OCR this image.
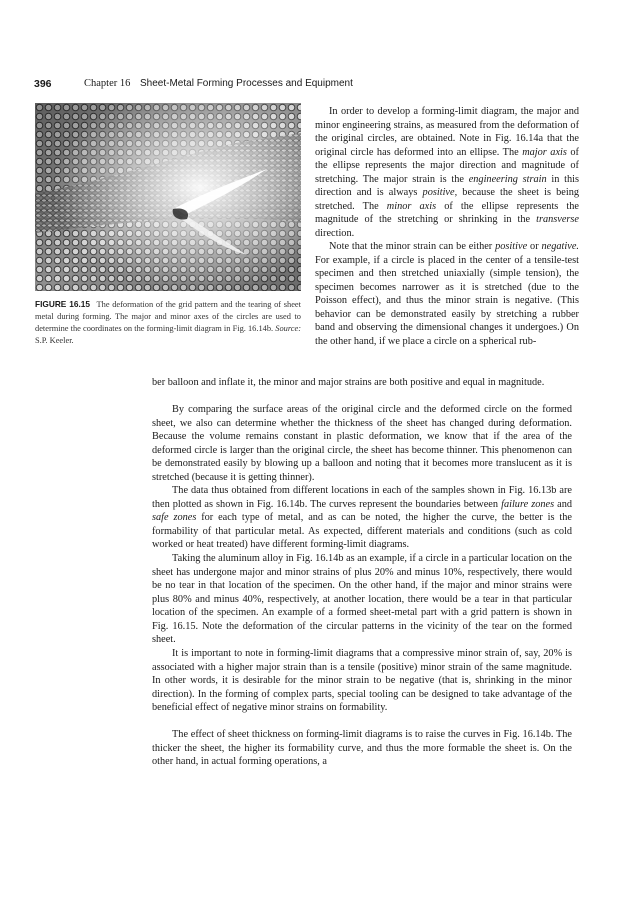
396	Chapter 16 Sheet-Metal Forming Processes and Equipment
FIGURE 16.15 The deformation of the grid pattern and the tearing of sheet metal during forming. The major and minor axes of the circles are used to determine the coordinates on the forming-limit diagram in Fig. 16.14b. Source: S.P. Keeler.

In order to develop a forming-limit diagram, the major and minor engineering strains, as measured from the deformation of the original circles, are obtained. Note in Fig. 16.14a that the original circle has deformed into an ellipse. The major axis of the ellipse represents the major direction and magnitude of stretching. The major strain is the engineering strain in this direction and is always positive, because the sheet is being stretched. The minor axis of the ellipse represents the magnitude of the stretching or shrinking in the transverse direction.

Note that the minor strain can be either positive or negative. For example, if a circle is placed in the center of a tensile-test specimen and then stretched uniaxially (simple tension), the specimen becomes narrower as it is stretched (due to the Poisson effect), and thus the minor strain is negative. (This behavior can be demonstrated easily by stretching a rubber band and observing the dimensional changes it undergoes.) On the other hand, if we place a circle on a spherical rub-

ber balloon and inflate it, the minor and major strains are both positive and equal in magnitude.

By comparing the surface areas of the original circle and the deformed circle on the formed sheet, we also can determine whether the thickness of the sheet has changed during deformation. Because the volume remains constant in plastic deformation, we know that if the area of the deformed circle is larger than the original circle, the sheet has become thinner. This phenomenon can be demonstrated easily by blowing up a balloon and noting that it becomes more translucent as it is stretched (because it is getting thinner).

The data thus obtained from different locations in each of the samples shown in Fig. 16.13b are then plotted as shown in Fig. 16.14b. The curves represent the boundaries between failure zones and safe zones for each type of metal, and as can be noted, the higher the curve, the better is the formability of that particular metal. As expected, different materials and conditions (such as cold worked or heat treated) have different forming-limit diagrams.

Taking the aluminum alloy in Fig. 16.14b as an example, if a circle in a particular location on the sheet has undergone major and minor strains of plus 20% and minus 10%, respectively, there would be no tear in that location of the specimen. On the other hand, if the major and minor strains were plus 80% and minus 40%, respectively, at another location, there would be a tear in that particular location of the specimen. An example of a formed sheet-metal part with a grid pattern is shown in Fig. 16.15. Note the deformation of the circular patterns in the vicinity of the tear on the formed sheet.

It is important to note in forming-limit diagrams that a compressive minor strain of, say, 20% is associated with a higher major strain than is a tensile (positive) minor strain of the same magnitude. In other words, it is desirable for the minor strain to be negative (that is, shrinking in the minor direction). In the forming of complex parts, special tooling can be designed to take advantage of the beneficial effect of negative minor strains on formability.

The effect of sheet thickness on forming-limit diagrams is to raise the curves in Fig. 16.14b. The thicker the sheet, the higher its formability curve, and thus the more formable the sheet is. On the other hand, in actual forming operations, a
